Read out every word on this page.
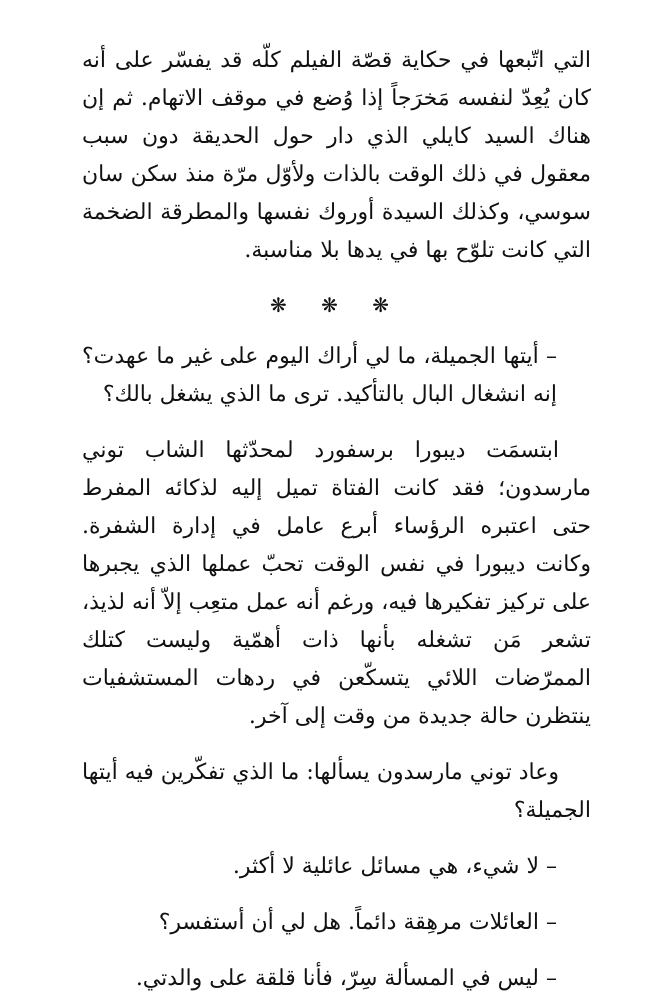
التي اتّبعها في حكاية قصّة الفيلم كلّه قد يفسّر على أنه كان يُعِدّ لنفسه مَخرَجاً إذا وُضع في موقف الاتهام. ثم إن هناك السيد كايلي الذي دار حول الحديقة دون سبب معقول في ذلك الوقت بالذات ولأوّل مرّة منذ سكن سان سوسي، وكذلك السيدة أوروك نفسها والمطرقة الضخمة التي كانت تلوّح بها في يدها بلا مناسبة.

❋ ❋ ❋

– أيتها الجميلة، ما لي أراك اليوم على غير ما عهدت؟ إنه انشغال البال بالتأكيد. ترى ما الذي يشغل بالك؟

ابتسمَت ديبورا برسفورد لمحدّثها الشاب توني مارسدون؛ فقد كانت الفتاة تميل إليه لذكائه المفرط حتى اعتبره الرؤساء أبرع عامل في إدارة الشفرة. وكانت ديبورا في نفس الوقت تحبّ عملها الذي يجبرها على تركيز تفكيرها فيه، ورغم أنه عمل متعِب إلاّ أنه لذيذ، تشعر مَن تشغله بأنها ذات أهمّية وليست كتلك الممرّضات اللائي يتسكّعن في ردهات المستشفيات ينتظرن حالة جديدة من وقت إلى آخر.

وعاد توني مارسدون يسألها: ما الذي تفكّرين فيه أيتها الجميلة؟

– لا شيء، هي مسائل عائلية لا أكثر.

– العائلات مرهِقة دائماً. هل لي أن أستفسر؟

– ليس في المسألة سِرّ، فأنا قلقة على والدتي.
